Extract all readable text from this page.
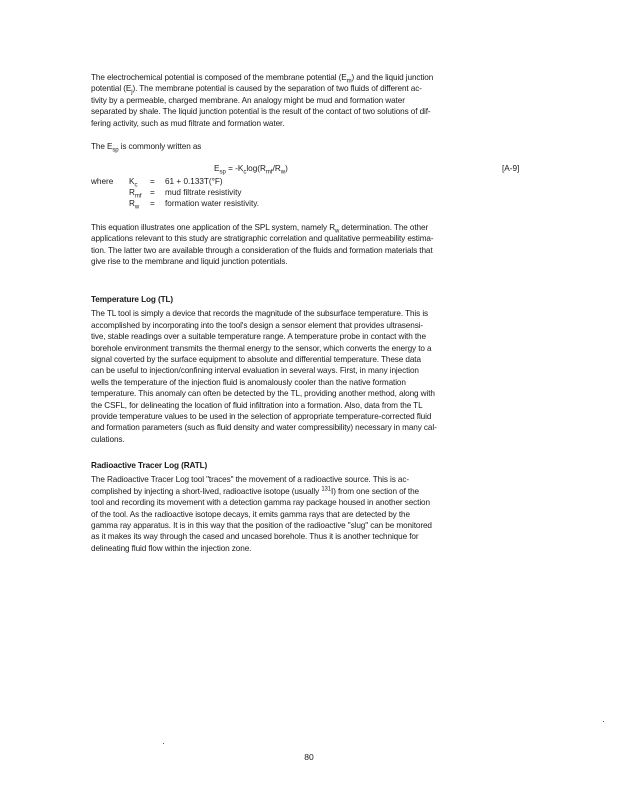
The electrochemical potential is composed of the membrane potential $(E_m)$ and the liquid junction
potential $(E_j)$. The membrane potential is caused by the separation of two fluids of different ac-
tivity by a permeable, charged membrane. An analogy might be mud and formation water
separated by shale. The liquid junction potential is the result of the contact of two solutions of dif-
fering activity, such as mud filtrate and formation water.
The $E_{sp}$ is commonly written as
$E_{sp} = -K_c\log(R_{mf}/R_w)$	[A-9]
where $K_c = 61 + 0.133T(^\circ F)$
$R_{mf}$ = mud filtrate resistivity
$R_w$ = formation water resistivity.
This equation illustrates one application of the SPL system, namely $R_w$ determination. The other
applications relevant to this study are stratigraphic correlation and qualitative permeability estima-
tion. The latter two are available through a consideration of the fluids and formation materials that
give rise to the membrane and liquid junction potentials.
Temperature Log (TL)
The TL tool is simply a device that records the magnitude of the subsurface temperature. This is
accomplished by incorporating into the tool's design a sensor element that provides ultrasensi-
tive, stable readings over a suitable temperature range. A temperature probe in contact with the
borehole environment transmits the thermal energy to the sensor, which converts the energy to a
signal coverted by the surface equipment to absolute and differential temperature. These data
can be useful to injection/confining interval evaluation in several ways. First, in many injection
wells the temperature of the injection fluid is anomalously cooler than the native formation
temperature. This anomaly can often be detected by the TL, providing another method, along with
the CSFL, for delineating the location of fluid infiltration into a formation. Also, data from the TL
provide temperature values to be used in the selection of appropriate temperature-corrected fluid
and formation parameters (such as fluid density and water compressibility) necessary in many cal-
culations.
Radioactive Tracer Log (RATL)
The Radioactive Tracer Log tool "traces" the movement of a radioactive source. This is ac-
complished by injecting a short-lived, radioactive isotope (usually $^{131}$I) from one section of the
tool and recording its movement with a detection gamma ray package housed in another section
of the tool. As the radioactive isotope decays, it emits gamma rays that are detected by the
gamma ray apparatus. It is in this way that the position of the radioactive "slug" can be monitored
as it makes its way through the cased and uncased borehole. Thus it is another technique for
delineating fluid flow within the injection zone.
80
